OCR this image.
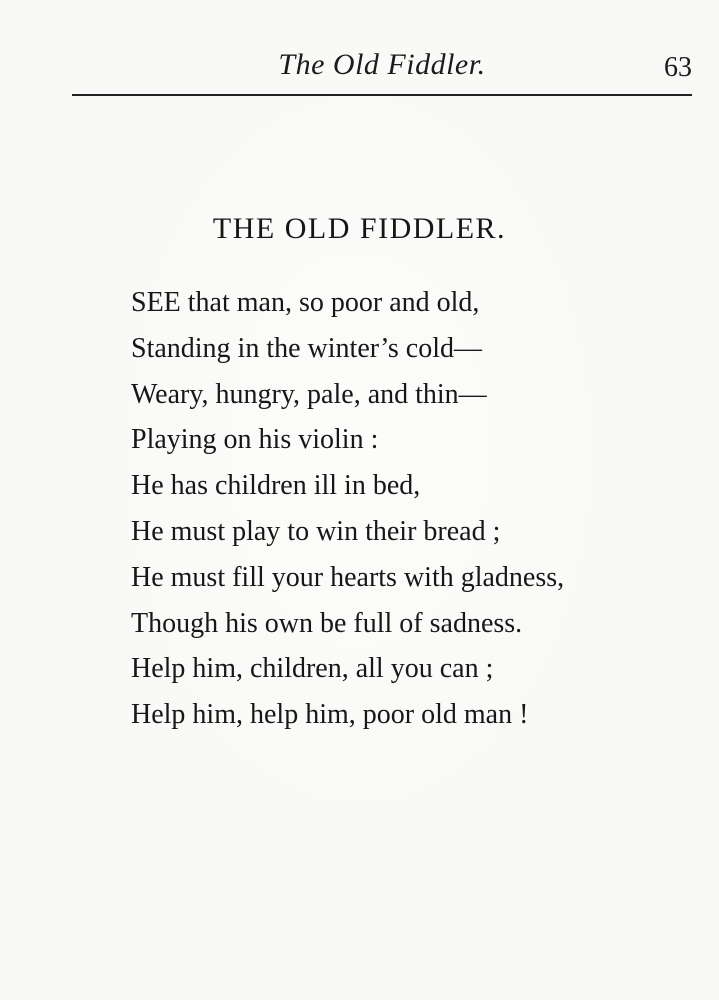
The Old Fiddler.	63
THE OLD FIDDLER.
SEE that man, so poor and old,
Standing in the winter’s cold—
Weary, hungry, pale, and thin—
Playing on his violin :
He has children ill in bed,
He must play to win their bread ;
He must fill your hearts with gladness,
Though his own be full of sadness.
Help him, children, all you can ;
Help him, help him, poor old man !
